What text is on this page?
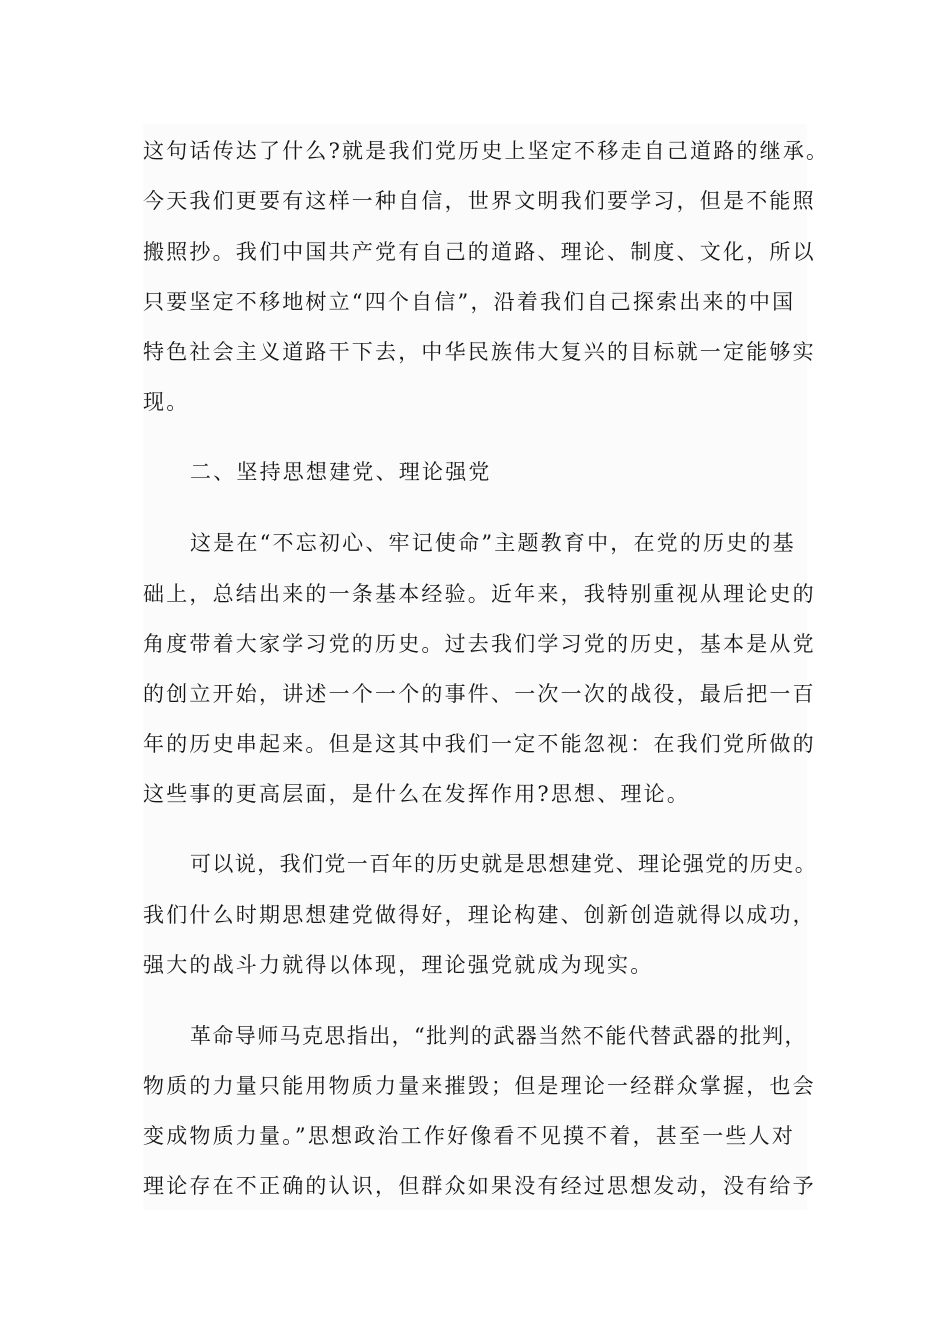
这句话传达了什么?就是我们党历史上坚定不移走自己道路的继承。
今天我们更要有这样一种自信，世界文明我们要学习，但是不能照
搬照抄。我们中国共产党有自己的道路、理论、制度、文化，所以
只要坚定不移地树立“四个自信”，沿着我们自己探索出来的中国
特色社会主义道路干下去，中华民族伟大复兴的目标就一定能够实
现。
二、坚持思想建党、理论强党
这是在“不忘初心、牢记使命”主题教育中，在党的历史的基
础上，总结出来的一条基本经验。近年来，我特别重视从理论史的
角度带着大家学习党的历史。过去我们学习党的历史，基本是从党
的创立开始，讲述一个一个的事件、一次一次的战役，最后把一百
年的历史串起来。但是这其中我们一定不能忽视：在我们党所做的
这些事的更高层面，是什么在发挥作用?思想、理论。
可以说，我们党一百年的历史就是思想建党、理论强党的历史。
我们什么时期思想建党做得好，理论构建、创新创造就得以成功，
强大的战斗力就得以体现，理论强党就成为现实。
革命导师马克思指出，“批判的武器当然不能代替武器的批判，
物质的力量只能用物质力量来摧毁；但是理论一经群众掌握，也会
变成物质力量。”思想政治工作好像看不见摸不着，甚至一些人对
理论存在不正确的认识，但群众如果没有经过思想发动，没有给予
